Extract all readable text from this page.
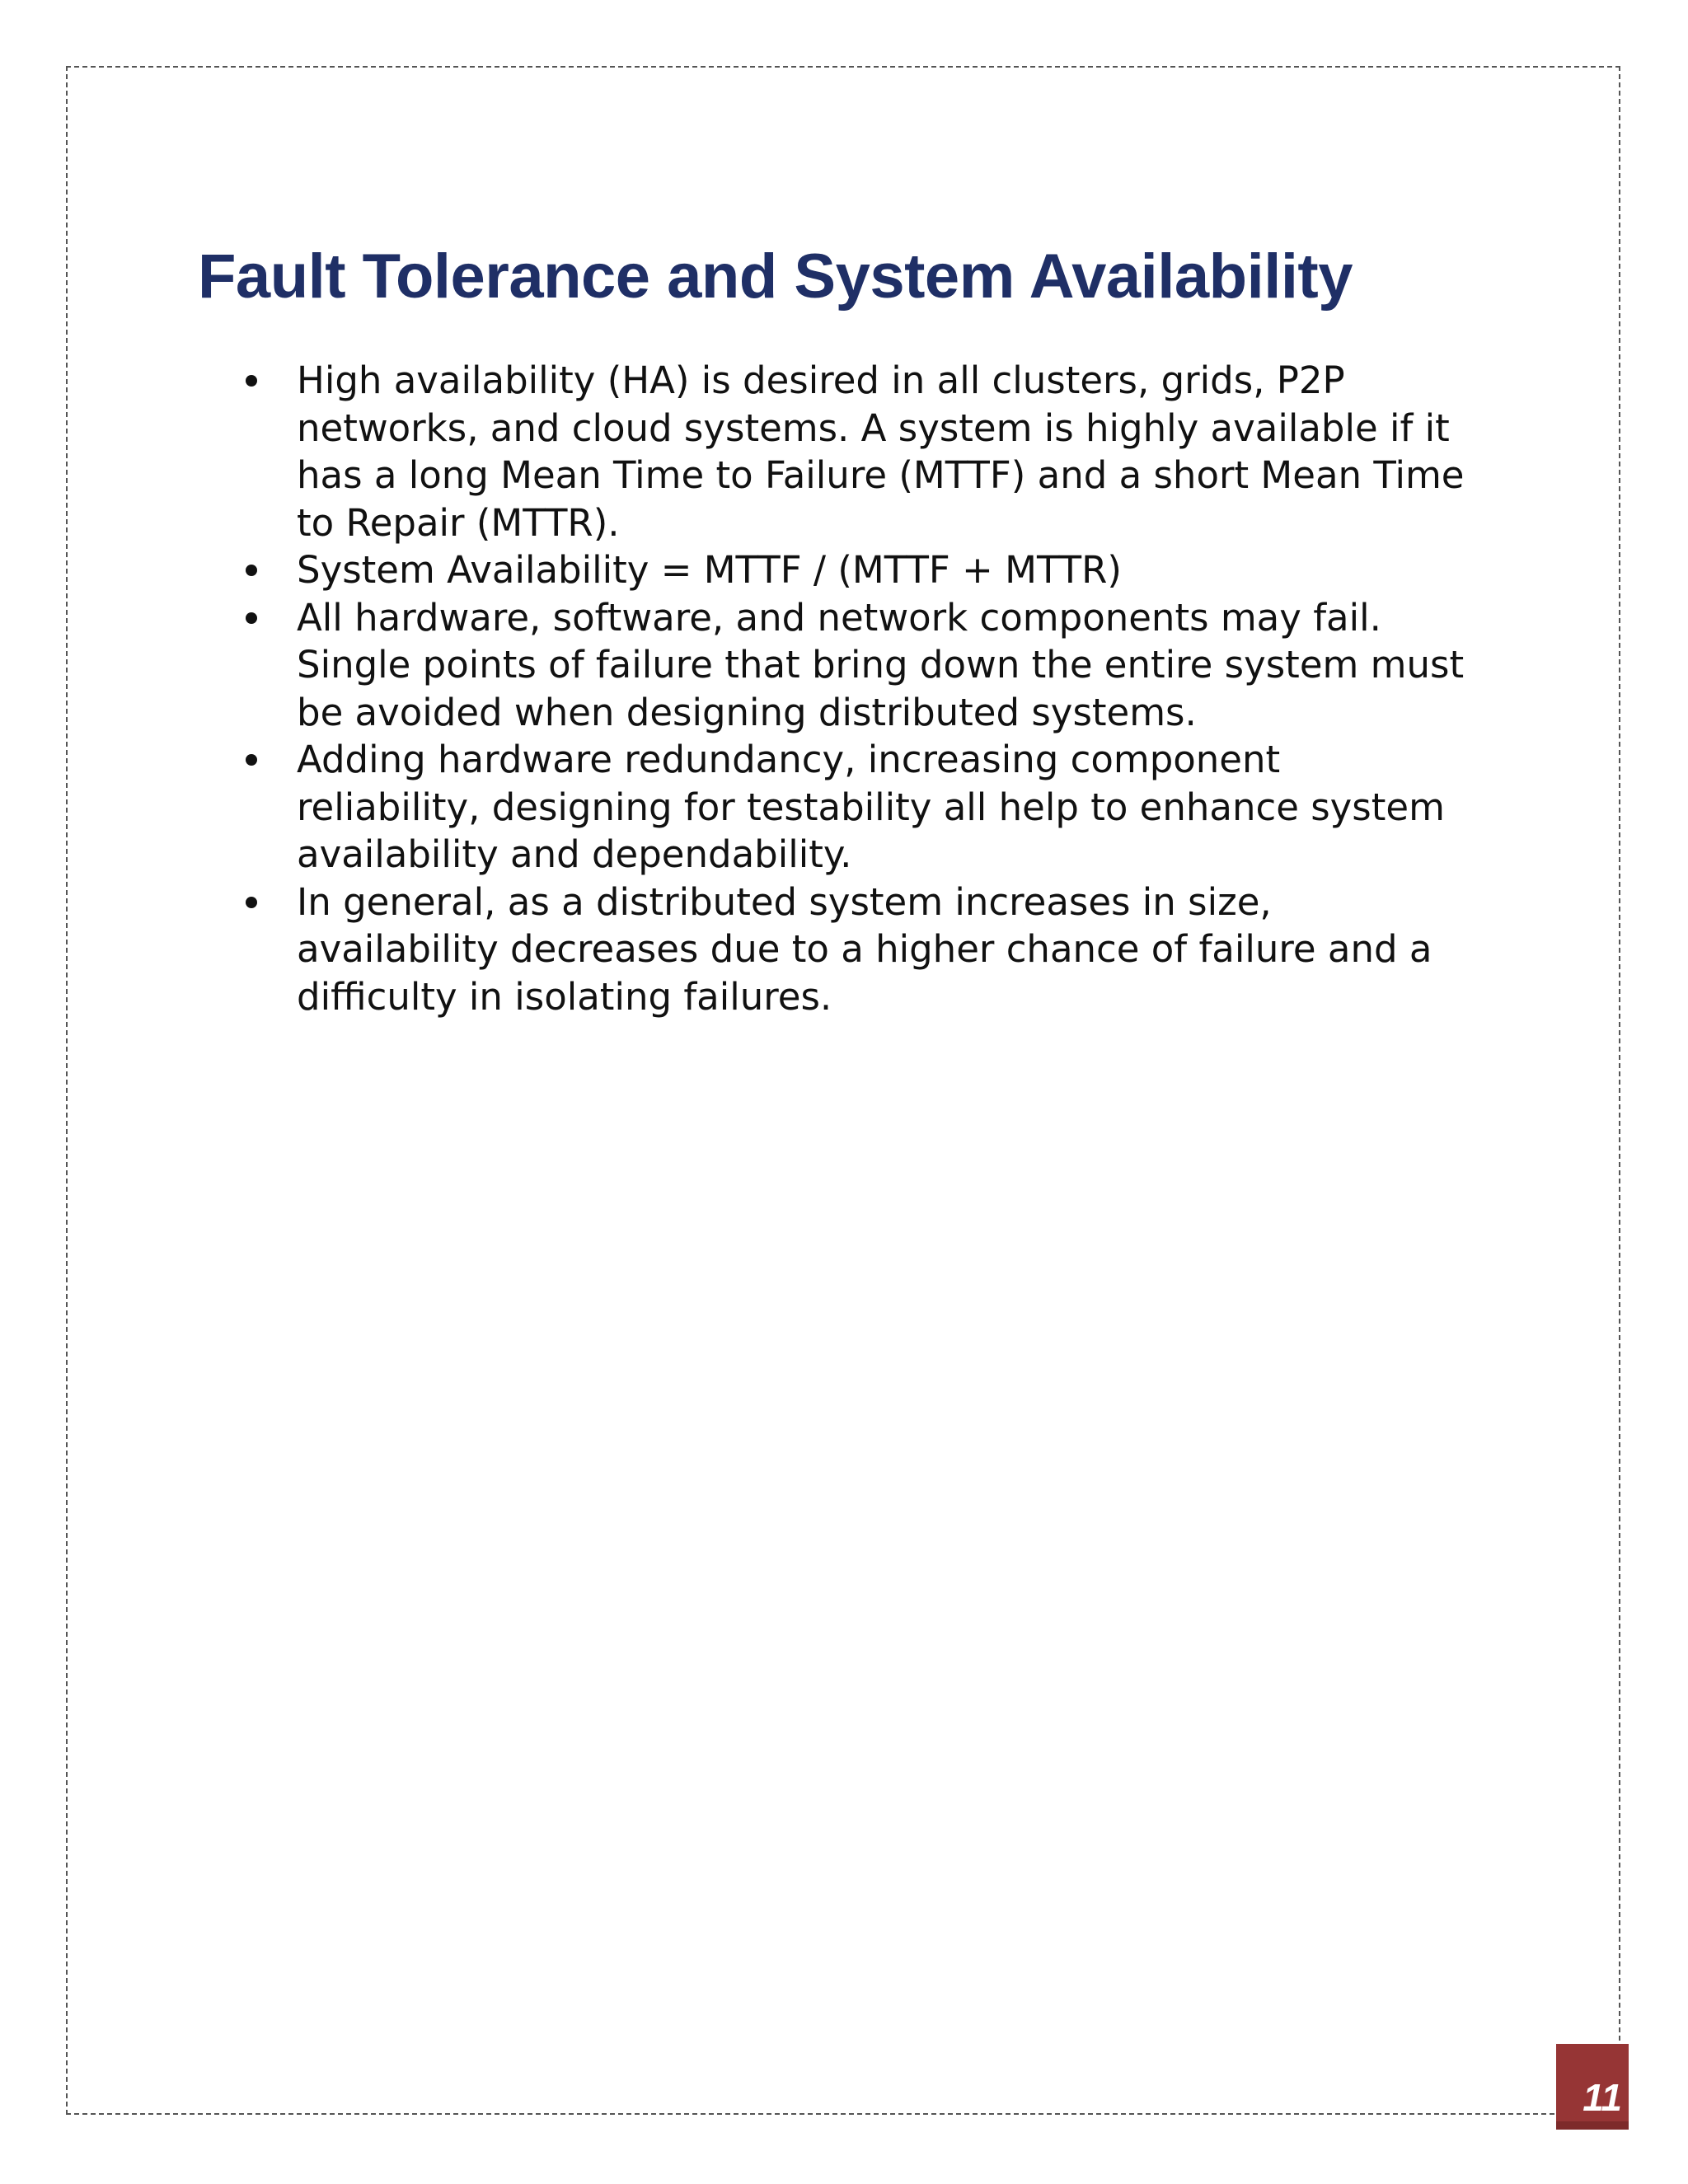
Fault Tolerance and System Availability
High availability (HA) is desired in all clusters, grids, P2P networks, and cloud systems. A system is highly available if it has a long Mean Time to Failure (MTTF) and a short Mean Time to Repair (MTTR).
System Availability = MTTF / (MTTF + MTTR)
All hardware, software, and network components may fail. Single points of failure that bring down the entire system must be avoided when designing distributed systems.
Adding hardware redundancy, increasing component reliability, designing for testability all help to enhance system availability and dependability.
In general, as a distributed system increases in size, availability decreases due to a higher chance of failure and a difficulty in isolating failures.
11
